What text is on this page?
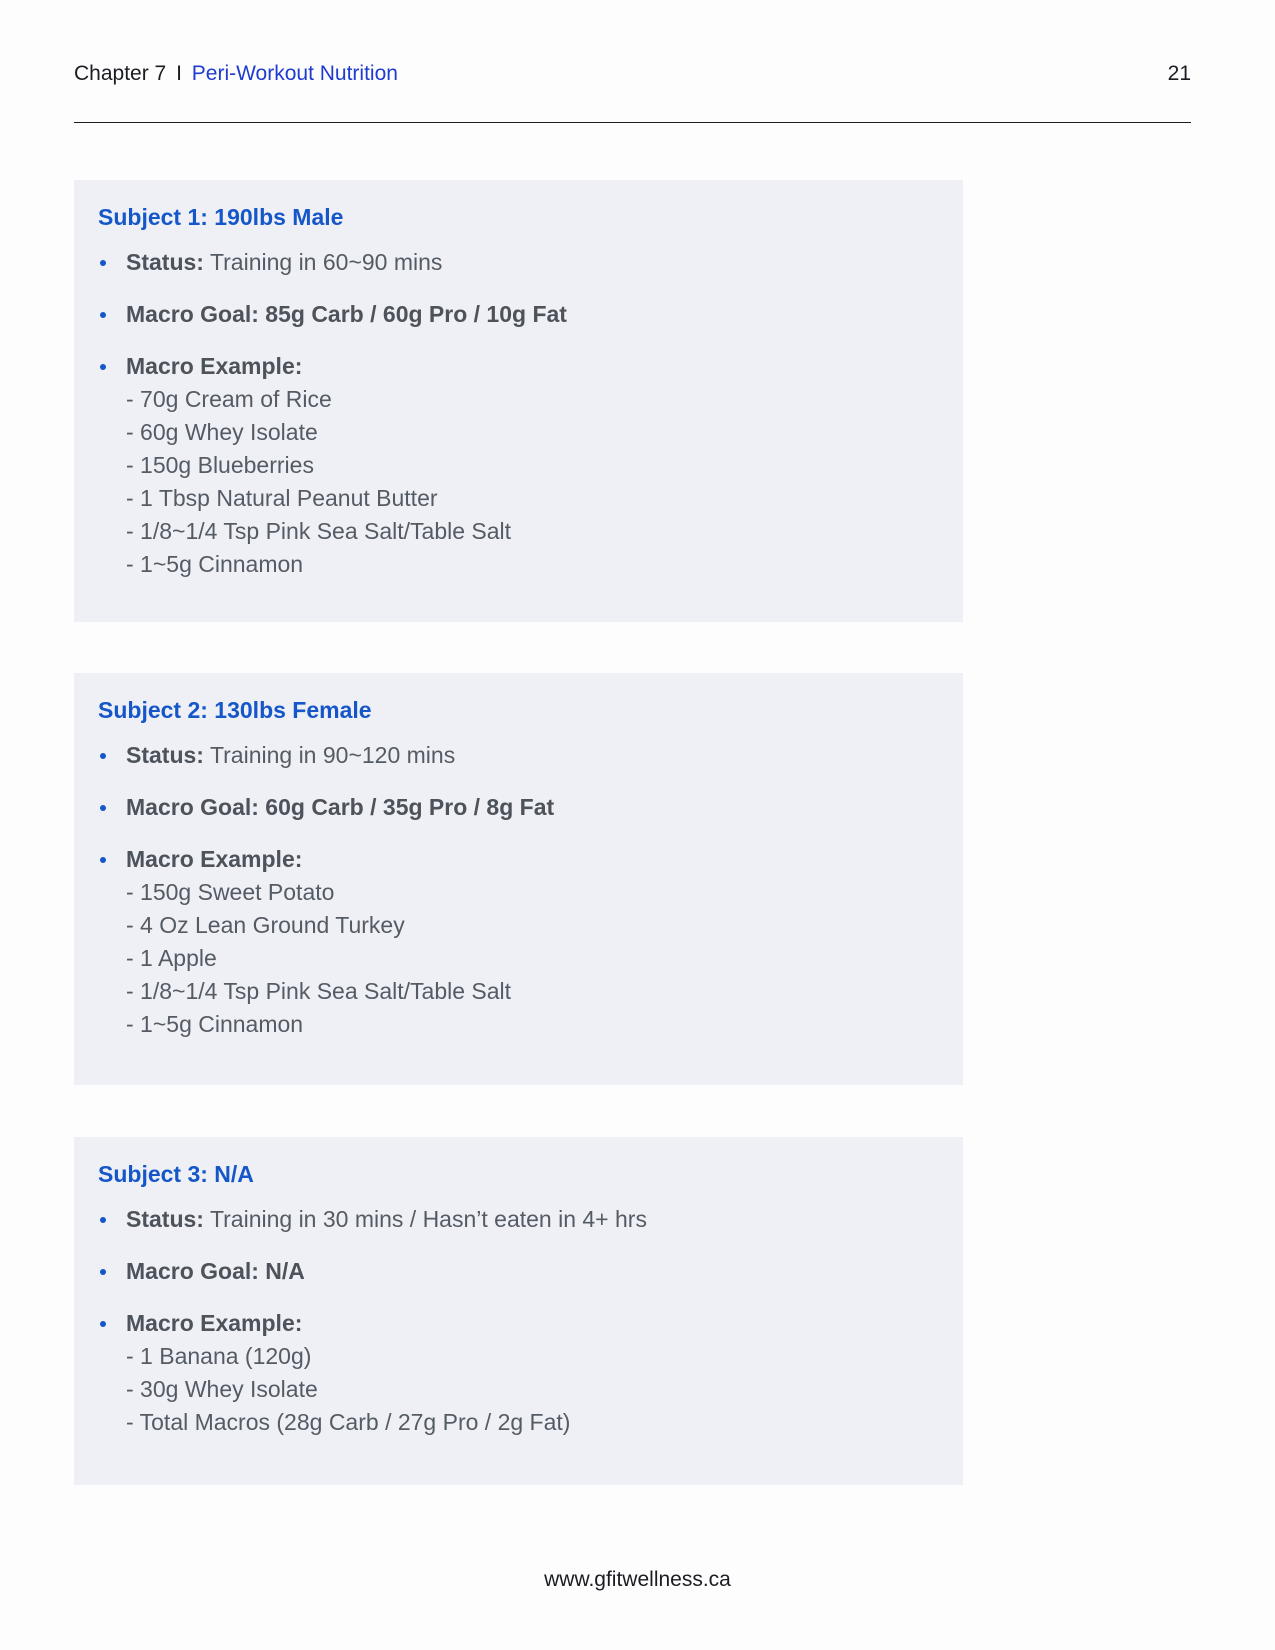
Chapter 7 I Peri-Workout Nutrition	21
Subject 1: 190lbs Male
Status: Training in 60~90 mins
Macro Goal: 85g Carb / 60g Pro / 10g Fat
Macro Example:
- 70g Cream of Rice
- 60g Whey Isolate
- 150g Blueberries
- 1 Tbsp Natural Peanut Butter
- 1/8~1/4 Tsp Pink Sea Salt/Table Salt
- 1~5g Cinnamon
Subject 2: 130lbs Female
Status: Training in 90~120 mins
Macro Goal: 60g Carb / 35g Pro / 8g Fat
Macro Example:
- 150g Sweet Potato
- 4 Oz Lean Ground Turkey
- 1 Apple
- 1/8~1/4 Tsp Pink Sea Salt/Table Salt
- 1~5g Cinnamon
Subject 3: N/A
Status: Training in 30 mins / Hasn’t eaten in 4+ hrs
Macro Goal: N/A
Macro Example:
- 1 Banana (120g)
- 30g Whey Isolate
- Total Macros (28g Carb / 27g Pro / 2g Fat)
www.gfitwellness.ca
